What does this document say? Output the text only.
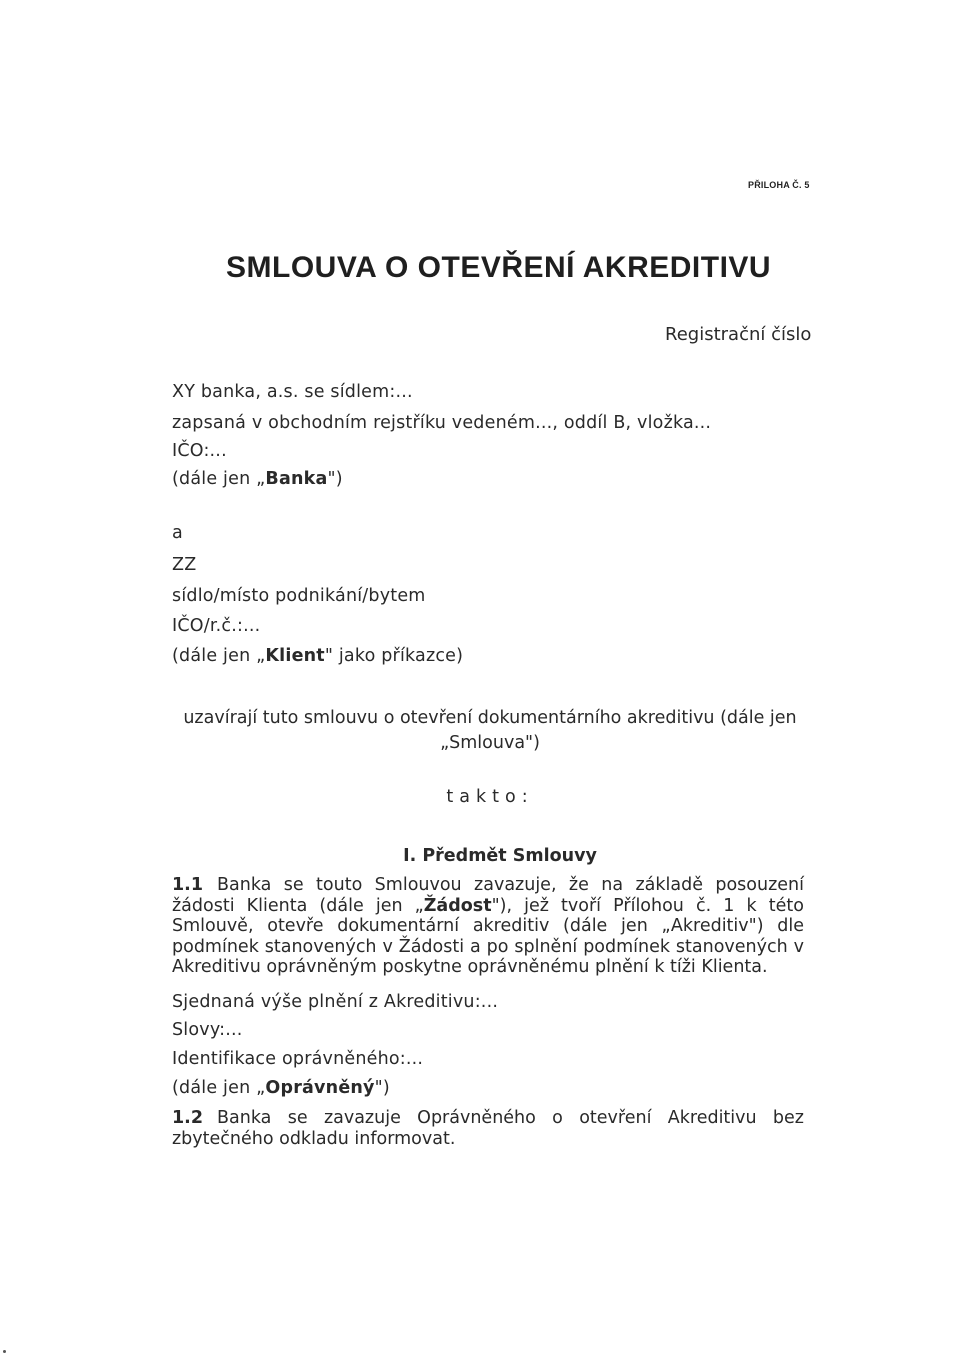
PŘILOHA Č. 5
SMLOUVA O OTEVŘENÍ AKREDITIVU
Registrační číslo
XY banka, a.s. se sídlem:...
zapsaná v obchodním rejstříku vedeném..., oddíl B, vložka...
IČO:...
(dále jen „Banka")
a
ZZ
sídlo/místo podnikání/bytem
IČO/r.č.:...
(dále jen „Klient" jako příkazce)
uzavírají tuto smlouvu o otevření dokumentárního akreditivu (dále jen
„Smlouva")
takto:
I. Předmět Smlouvy

1.1 Banka se touto Smlouvou zavazuje, že na základě posouzení žádosti Klienta (dále jen „Žádost"), jež tvoří Přílohou č. 1 k této Smlouvě, otevře dokumentární akreditiv (dále jen „Akreditiv") dle podmínek stanovených v Žádosti a po splnění podmínek stanovených v Akreditivu oprávněným poskytne oprávněnému plnění k tíži Klienta.

Sjednaná výše plnění z Akreditivu:...
Slovy:...
Identifikace oprávněného:...
(dále jen „Oprávněný")

1.2 Banka se zavazuje Oprávněného o otevření Akreditivu bez zbytečného odkladu informovat.
